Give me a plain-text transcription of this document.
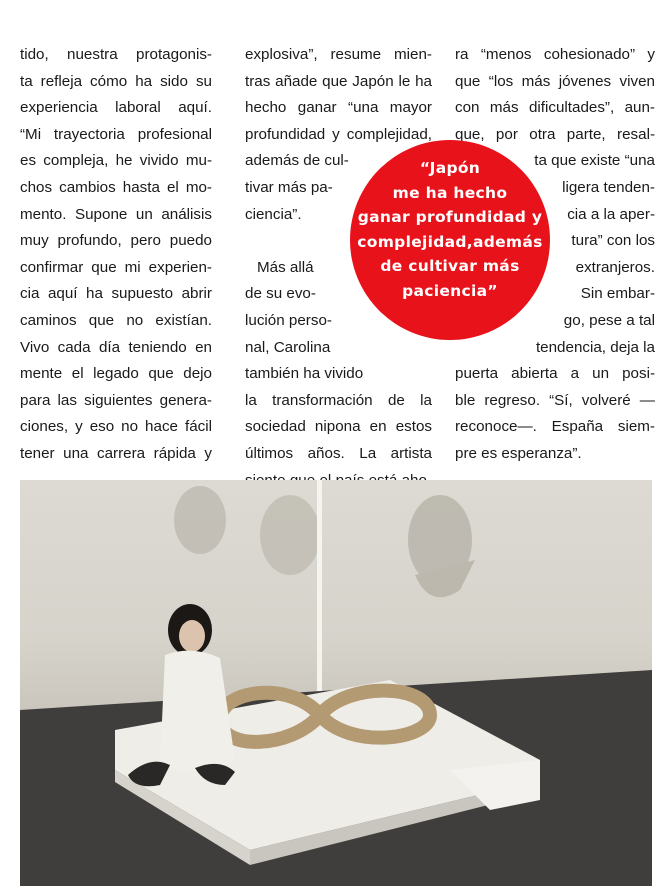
tido, nuestra protagonis-
ta refleja cómo ha sido su
experiencia laboral aquí.
“Mi trayectoria profesional
es compleja, he vivido mu-
chos cambios hasta el mo-
mento. Supone un análisis
muy profundo, pero puedo
confirmar que mi experien-
cia aquí ha supuesto abrir
caminos que no existían.
Vivo cada día teniendo en
mente el legado que dejo
para las siguientes genera-
ciones, y eso no hace fácil
tener una carrera rápida y
explosiva”, resume mien-
tras añade que Japón le ha
hecho ganar “una mayor
profundidad y complejidad,
además de cul-
tivar más pa-
ciencia”.

Más allá
de su evo-
lución perso-
nal, Carolina
también ha vivido
la transformación de la
sociedad nipona en estos
últimos años. La artista
ra “menos cohesionado” y
que “los más jóvenes viven
con más dificultades”, aun-
que, por otra parte, resal-
ta que existe “una
ligera tenden-
cia a la aper-
tura” con los
extranjeros.
Sin embar-
go, pese a tal
tendencia, deja la
puerta abierta a un posi-
ble regreso. “Sí, volveré —
reconoce—. España siem-
pre es esperanza”.
“Japón
me ha hecho
ganar profundidad y
complejidad,además
de cultivar más
paciencia”
